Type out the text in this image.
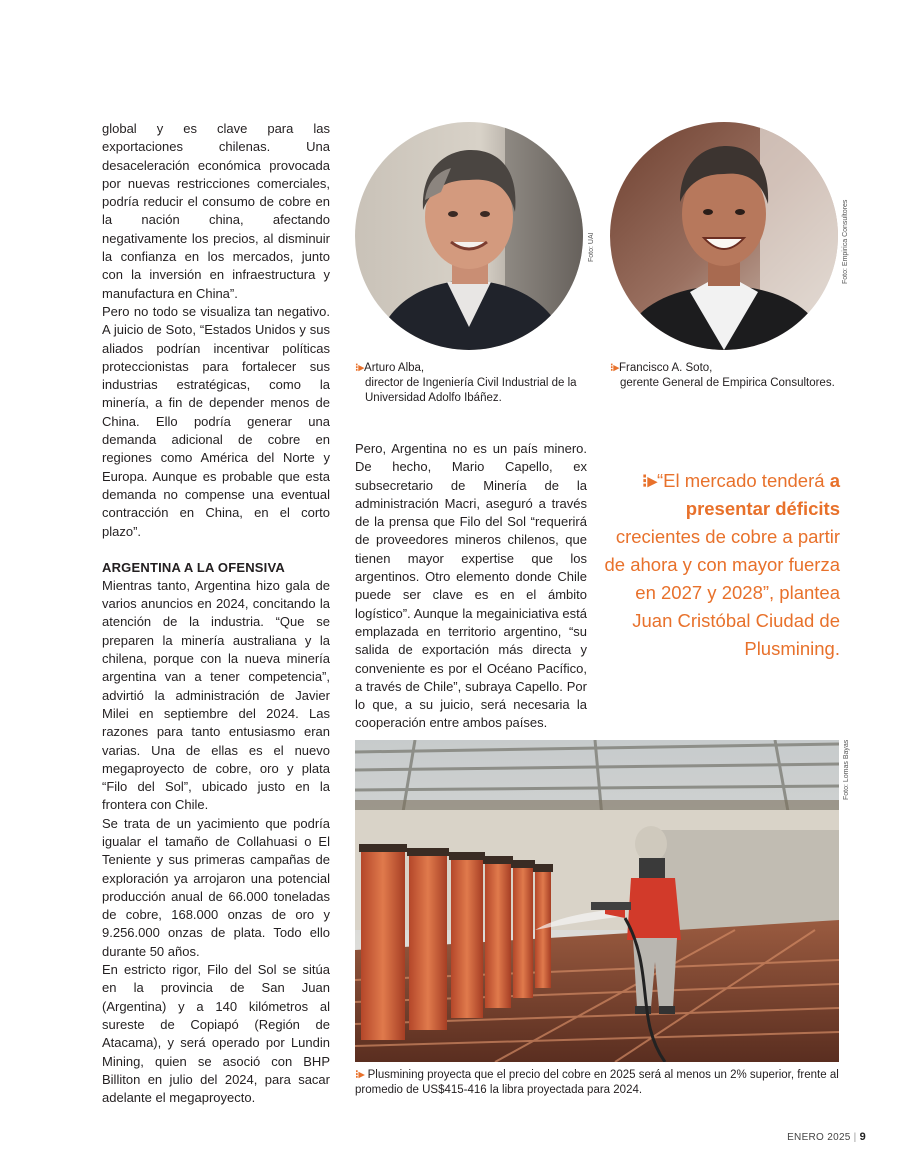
global y es clave para las exportaciones chilenas. Una desaceleración económica provocada por nuevas restricciones comerciales, podría reducir el consumo de cobre en la nación china, afectando negativamente los precios, al disminuir la confianza en los mercados, junto con la inversión en infraestructura y manufactura en China”.

Pero no todo se visualiza tan negativo. A juicio de Soto, “Estados Unidos y sus aliados podrían incentivar políticas proteccionistas para fortalecer sus industrias estratégicas, como la minería, a fin de depender menos de China. Ello podría generar una demanda adicional de cobre en regiones como América del Norte y Europa. Aunque es probable que esta demanda no compense una eventual contracción en China, en el corto plazo”.

ARGENTINA A LA OFENSIVA

Mientras tanto, Argentina hizo gala de varios anuncios en 2024, concitando la atención de la industria. “Que se preparen la minería australiana y la chilena, porque con la nueva minería argentina van a tener competencia”, advirtió la administración de Javier Milei en septiembre del 2024. Las razones para tanto entusiasmo eran varias. Una de ellas es el nuevo megaproyecto de cobre, oro y plata “Filo del Sol”, ubicado justo en la frontera con Chile.

Se trata de un yacimiento que podría igualar el tamaño de Collahuasi o El Teniente y sus primeras campañas de exploración ya arrojaron una potencial producción anual de 66.000 toneladas de cobre, 168.000 onzas de oro y 9.256.000 onzas de plata. Todo ello durante 50 años.

En estricto rigor, Filo del Sol se sitúa en la provincia de San Juan (Argentina) y a 140 kilómetros al sureste de Copiapó (Región de Atacama), y será operado por Lundin Mining, quien se asoció con BHP Billiton en julio del 2024, para sacar adelante el megaproyecto.

Foto: UAI	Foto: Empirica Consultores
⁝▸Arturo Alba,
director de Ingeniería Civil Industrial de la Universidad Adolfo Ibáñez.
⁝▸Francisco A. Soto,
gerente General de Empirica Consultores.

Pero, Argentina no es un país minero. De hecho, Mario Capello, ex subsecretario de Minería de la administración Macri, aseguró a través de la prensa que Filo del Sol “requerirá de proveedores mineros chilenos, que tienen mayor expertise que los argentinos. Otro elemento donde Chile puede ser clave es en el ámbito logístico”. Aunque la megainiciativa está emplazada en territorio argentino, “su salida de exportación más directa y conveniente es por el Océano Pacífico, a través de Chile”, subraya Capello. Por lo que, a su juicio, será necesaria la cooperación entre ambos países.

⁝▸“El mercado tenderá a presentar déficits crecientes de cobre a partir de ahora y con mayor fuerza en 2027 y 2028”, plantea Juan Cristóbal Ciudad de Plusmining.
Foto: Lomas Bayas
⁝▸ Plusmining proyecta que el precio del cobre en 2025 será al menos un 2% superior, frente al promedio de US$415-416 la libra proyectada para 2024.
ENERO 2025 | 9
